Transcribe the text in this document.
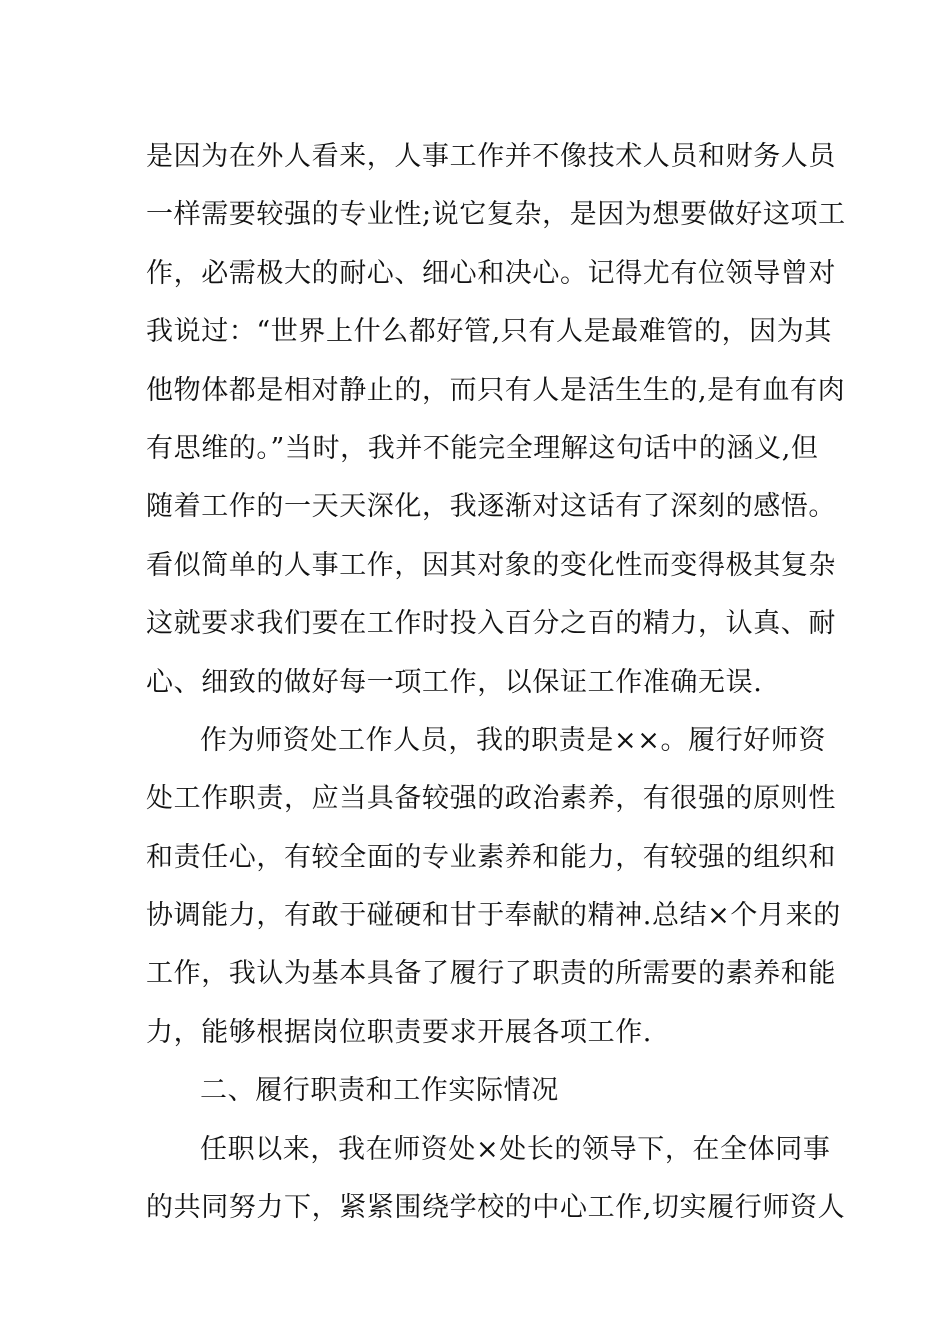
是因为在外人看来，人事工作并不像技术人员和财务人员
一样需要较强的专业性;说它复杂，是因为想要做好这项工
作，必需极大的耐心、细心和决心。记得尤有位领导曾对
我说过：“世界上什么都好管,只有人是最难管的，因为其
他物体都是相对静止的，而只有人是活生生的,是有血有肉
有思维的。”当时，我并不能完全理解这句话中的涵义,但
随着工作的一天天深化，我逐渐对这话有了深刻的感悟。
看似简单的人事工作，因其对象的变化性而变得极其复杂
这就要求我们要在工作时投入百分之百的精力，认真、耐
心、细致的做好每一项工作，以保证工作准确无误.
作为师资处工作人员，我的职责是××。履行好师资
处工作职责，应当具备较强的政治素养，有很强的原则性
和责任心，有较全面的专业素养和能力，有较强的组织和
协调能力，有敢于碰硬和甘于奉献的精神.总结×个月来的
工作，我认为基本具备了履行了职责的所需要的素养和能
力，能够根据岗位职责要求开展各项工作.
二、履行职责和工作实际情况
任职以来，我在师资处×处长的领导下，在全体同事
的共同努力下，紧紧围绕学校的中心工作,切实履行师资人
